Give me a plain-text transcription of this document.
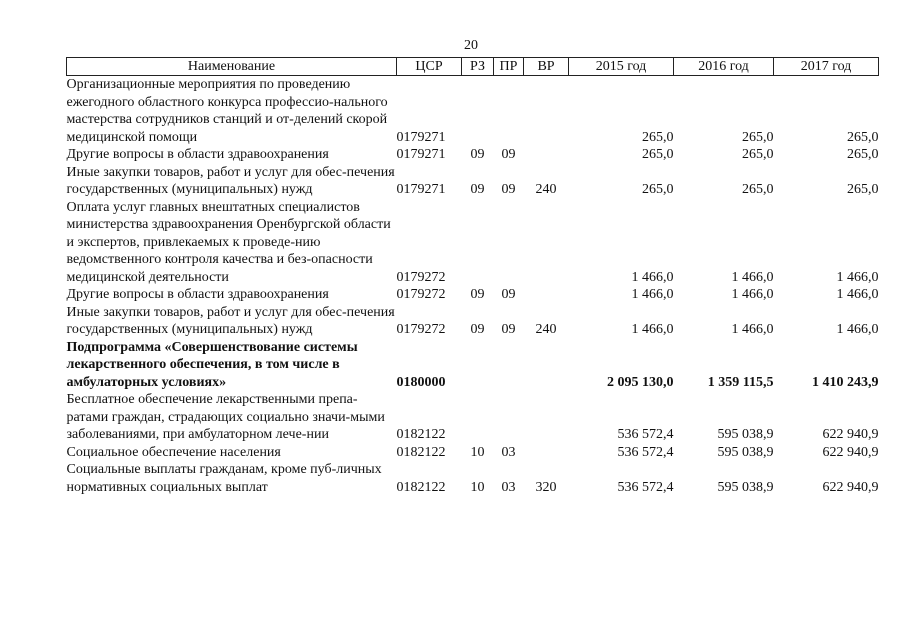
20
Наименование	ЦСР	РЗ	ПР	ВР	2015 год	2016 год	2017 год
Организационные мероприятия по проведению ежегодного областного конкурса профессио-нального мастерства сотрудников станций и от-делений скорой медицинской помощи	0179271				265,0	265,0	265,0
Другие вопросы в области здравоохранения	0179271	09	09		265,0	265,0	265,0
Иные закупки товаров, работ и услуг для обес-печения государственных (муниципальных) нужд	0179271	09	09	240	265,0	265,0	265,0
Оплата услуг главных внештатных специалистов министерства здравоохранения Оренбургской области и экспертов, привлекаемых к проведе-нию ведомственного контроля качества и без-опасности медицинской деятельности	0179272				1 466,0	1 466,0	1 466,0
Другие вопросы в области здравоохранения	0179272	09	09		1 466,0	1 466,0	1 466,0
Иные закупки товаров, работ и услуг для обес-печения государственных (муниципальных) нужд	0179272	09	09	240	1 466,0	1 466,0	1 466,0
Подпрограмма «Совершенствование системы лекарственного обеспечения, в том числе в амбулаторных условиях»	0180000				2 095 130,0	1 359 115,5	1 410 243,9
Бесплатное обеспечение лекарственными препа-ратами граждан, страдающих социально значи-мыми заболеваниями, при амбулаторном лече-нии	0182122				536 572,4	595 038,9	622 940,9
Социальное обеспечение населения	0182122	10	03		536 572,4	595 038,9	622 940,9
Социальные выплаты гражданам, кроме пуб-личных нормативных социальных выплат	0182122	10	03	320	536 572,4	595 038,9	622 940,9
